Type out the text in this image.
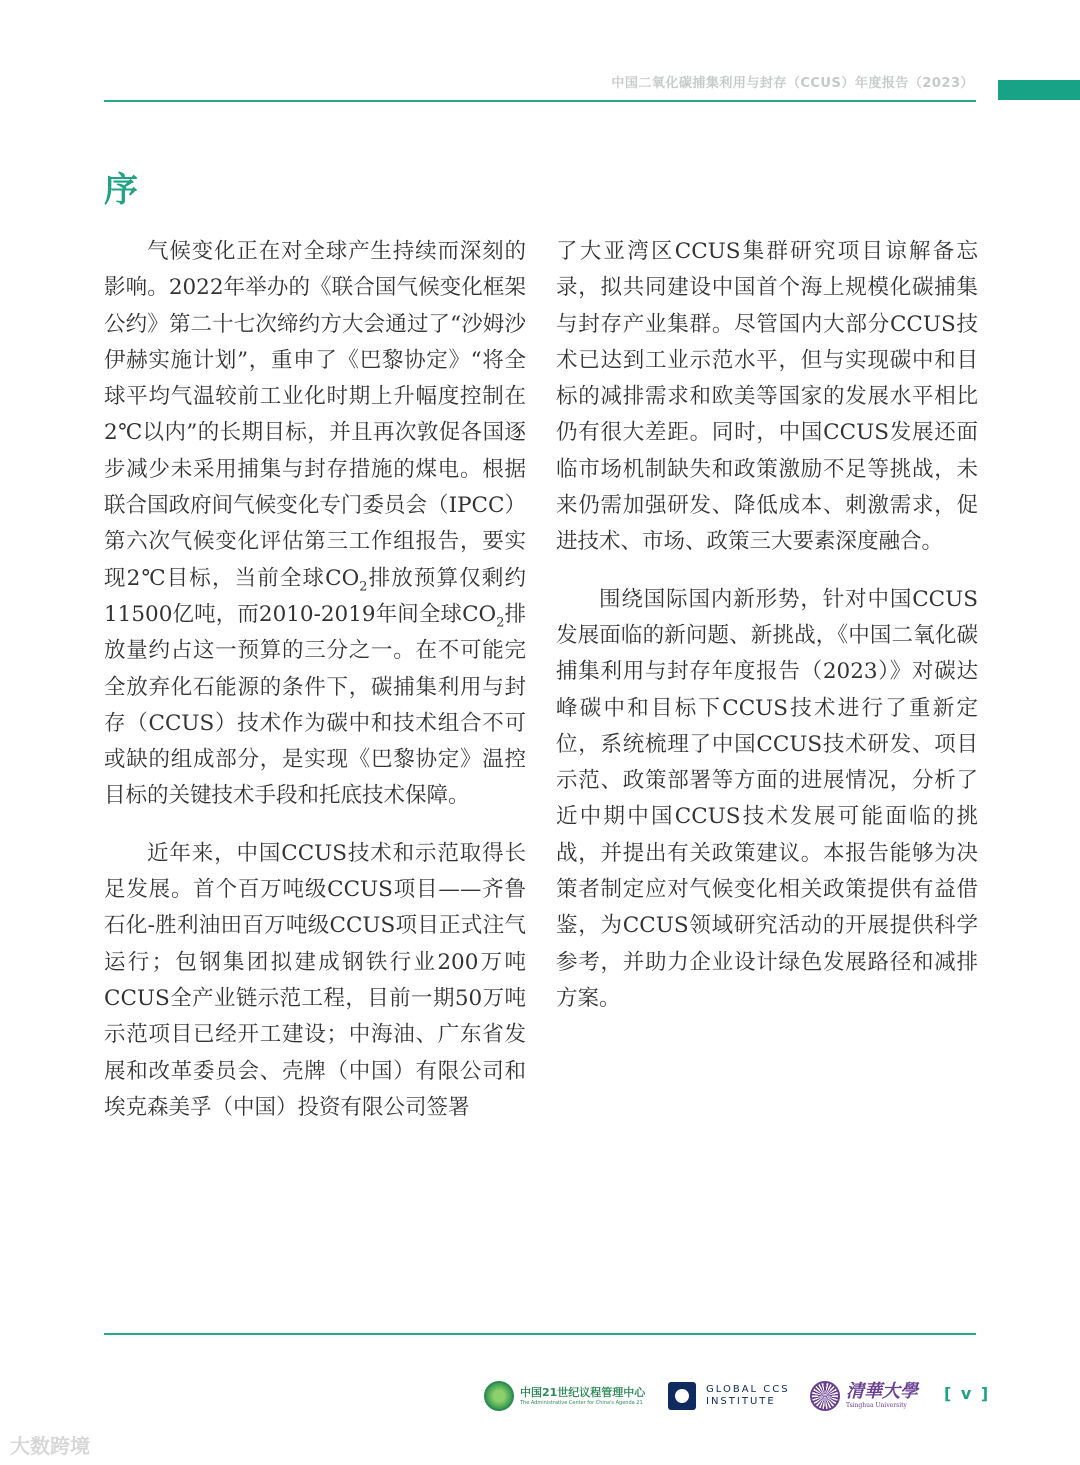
中国二氧化碳捕集利用与封存（CCUS）年度报告（2023）
序

气候变化正在对全球产生持续而深刻的影响。2022年举办的《联合国气候变化框架公约》第二十七次缔约方大会通过了“沙姆沙伊赫实施计划”，重申了《巴黎协定》“将全球平均气温较前工业化时期上升幅度控制在2℃以内”的长期目标，并且再次敦促各国逐步减少未采用捕集与封存措施的煤电。根据联合国政府间气候变化专门委员会（IPCC）第六次气候变化评估第三工作组报告，要实现2℃目标，当前全球$CO_2$排放预算仅剩约11500亿吨，而2010-2019年间全球$CO_2$排放量约占这一预算的三分之一。在不可能完全放弃化石能源的条件下，碳捕集利用与封存（CCUS）技术作为碳中和技术组合不可或缺的组成部分，是实现《巴黎协定》温控目标的关键技术手段和托底技术保障。

近年来，中国CCUS技术和示范取得长足发展。首个百万吨级CCUS项目——齐鲁石化-胜利油田百万吨级CCUS项目正式注气运行；包钢集团拟建成钢铁行业200万吨CCUS全产业链示范工程，目前一期50万吨示范项目已经开工建设；中海油、广东省发展和改革委员会、壳牌（中国）有限公司和埃克森美孚（中国）投资有限公司签署

了大亚湾区CCUS集群研究项目谅解备忘录，拟共同建设中国首个海上规模化碳捕集与封存产业集群。尽管国内大部分CCUS技术已达到工业示范水平，但与实现碳中和目标的减排需求和欧美等国家的发展水平相比仍有很大差距。同时，中国CCUS发展还面临市场机制缺失和政策激励不足等挑战，未来仍需加强研发、降低成本、刺激需求，促进技术、市场、政策三大要素深度融合。

围绕国际国内新形势，针对中国CCUS发展面临的新问题、新挑战，《中国二氧化碳捕集利用与封存年度报告（2023）》对碳达峰碳中和目标下CCUS技术进行了重新定位，系统梳理了中国CCUS技术研发、项目示范、政策部署等方面的进展情况，分析了近中期中国CCUS技术发展可能面临的挑战，并提出有关政策建议。本报告能够为决策者制定应对气候变化相关政策提供有益借鉴，为CCUS领域研究活动的开展提供科学参考，并助力企业设计绿色发展路径和减排方案。

中国21世纪议程管理中心
The Administrative Center for China's Agenda 21
GLOBAL CCS
INSTITUTE	清華大學
Tsinghua University
[ v ]
大数跨境
